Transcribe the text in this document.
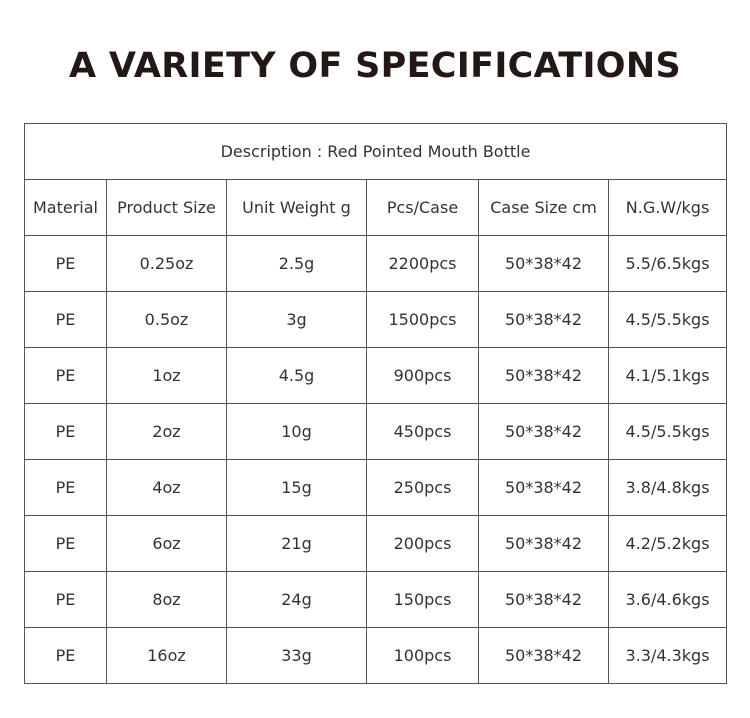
A VARIETY OF SPECIFICATIONS
Description : Red Pointed Mouth Bottle					
Material	Product Size	Unit Weight g	Pcs/Case	Case Size cm	N.G.W/kgs
PE	0.25oz	2.5g	2200pcs	50*38*42	5.5/6.5kgs
PE	0.5oz	3g	1500pcs	50*38*42	4.5/5.5kgs
PE	1oz	4.5g	900pcs	50*38*42	4.1/5.1kgs
PE	2oz	10g	450pcs	50*38*42	4.5/5.5kgs
PE	4oz	15g	250pcs	50*38*42	3.8/4.8kgs
PE	6oz	21g	200pcs	50*38*42	4.2/5.2kgs
PE	8oz	24g	150pcs	50*38*42	3.6/4.6kgs
PE	16oz	33g	100pcs	50*38*42	3.3/4.3kgs
